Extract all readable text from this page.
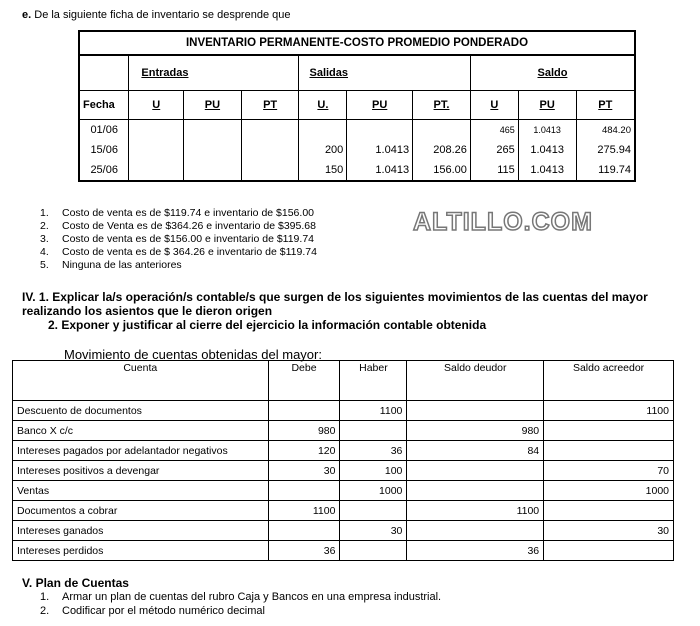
e. De la siguiente ficha de inventario se desprende que
INVENTARIO PERMANENTE-COSTO PROMEDIO PONDERADO									
	Entradas			Salidas			Saldo		
Fecha	U	PU	PT	U.	PU	PT.	U	PU	PT
01/06							465	1.0413	484.20
15/06				200	1.0413	208.26	265	1.0413	275.94
25/06				150	1.0413	156.00	115	1.0413	119.74
1. Costo de venta es de $119.74 e inventario de $156.00
2. Costo de Venta es de $364.26 e inventario de $395.68
3. Costo de venta es de $156.00 e inventario de $119.74
4. Costo de venta es de $ 364.26 e inventario de $119.74
5. Ninguna de las anteriores
ALTILLO.COM
IV. 1. Explicar la/s operación/s contable/s que surgen de los siguientes movimientos de las cuentas del mayor
realizando los asientos que le dieron origen
2. Exponer y justificar al cierre del ejercicio la información contable obtenida
Movimiento de cuentas obtenidas del mayor:
Cuenta	Debe	Haber	Saldo deudor	Saldo acreedor
Descuento de documentos		1100		1100
Banco X c/c	980		980	
Intereses pagados por adelantador negativos	120	36	84	
Intereses positivos a devengar	30	100		70
Ventas		1000		1000
Documentos a cobrar	1100		1100	
Intereses ganados		30		30
Intereses perdidos	36		36	
V. Plan de Cuentas
1. Armar un plan de cuentas del rubro Caja y Bancos en una empresa industrial.
2. Codificar por el método numérico decimal
